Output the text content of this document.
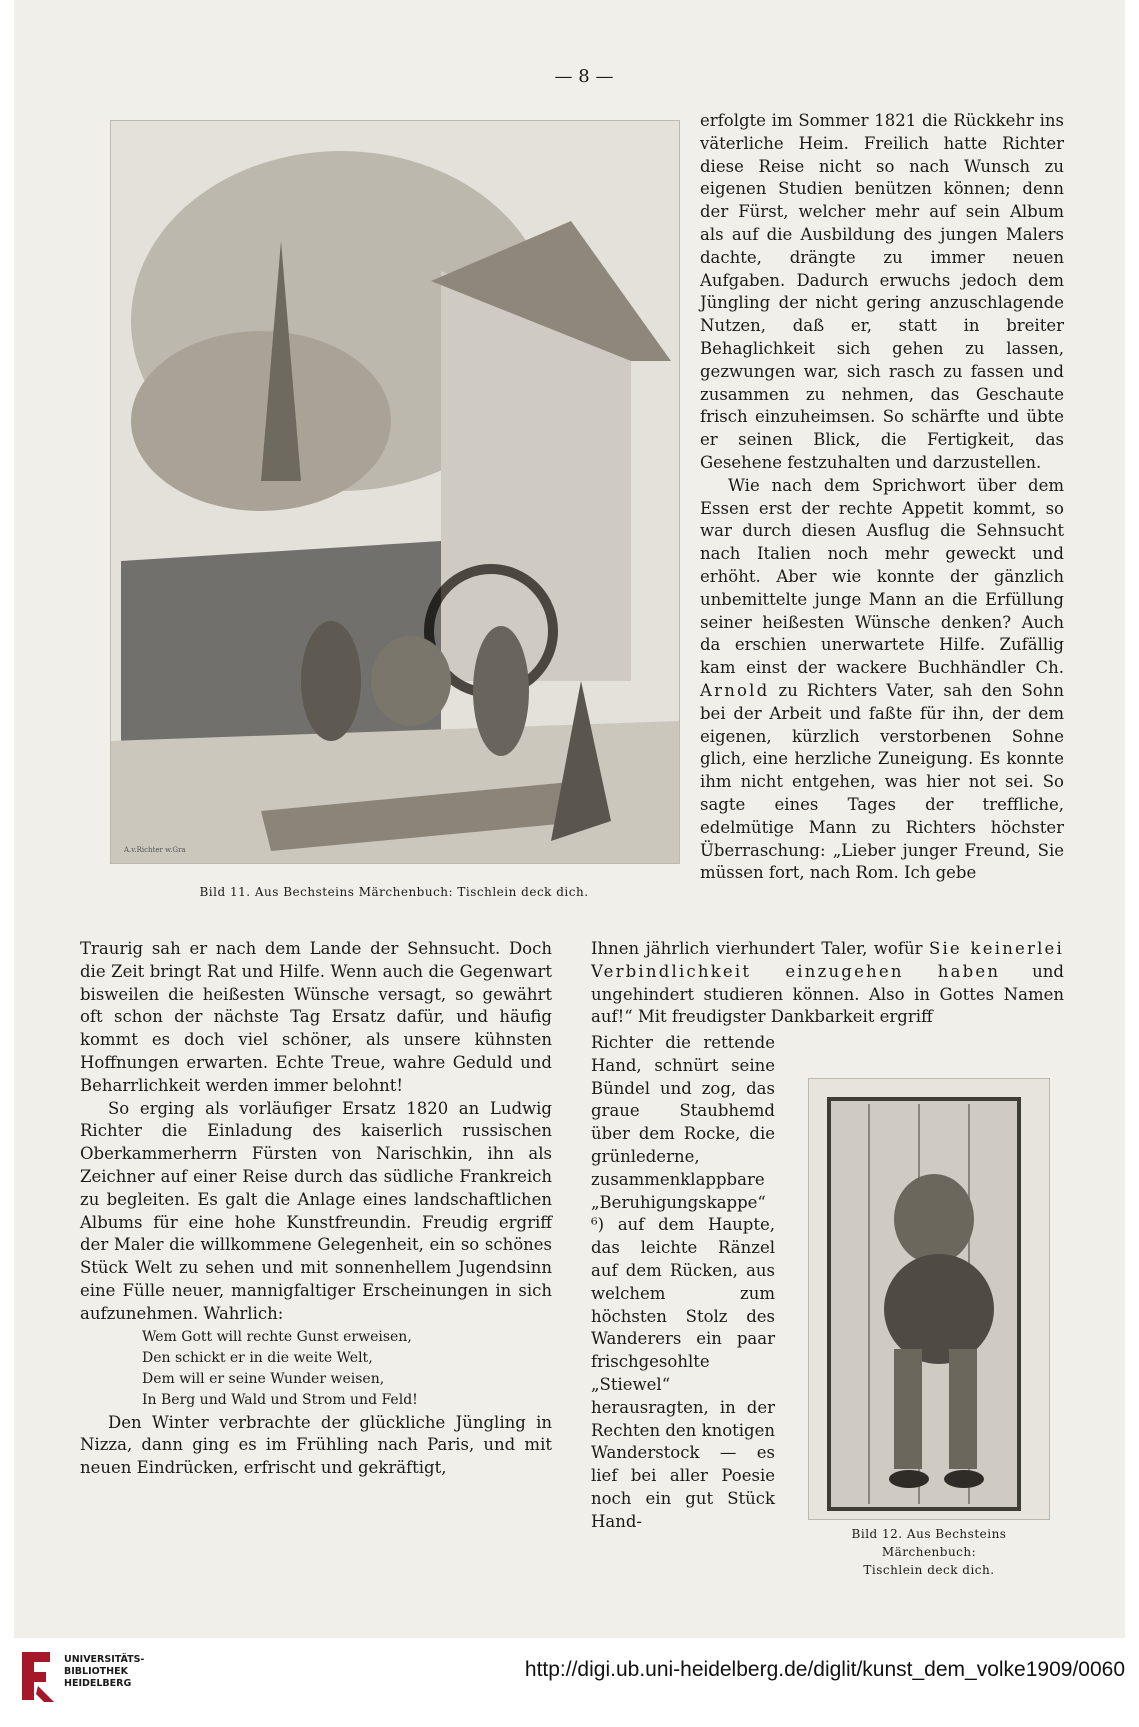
— 8 —
A.v.Richter w.Gra
Bild 11. Aus Bechsteins Märchenbuch: Tischlein deck dich.

erfolgte im Sommer 1821 die Rückkehr ins väterliche Heim. Freilich hatte Richter diese Reise nicht so nach Wunsch zu eigenen Studien benützen können; denn der Fürst, welcher mehr auf sein Album als auf die Ausbildung des jungen Malers dachte, drängte zu immer neuen Aufgaben. Dadurch erwuchs jedoch dem Jüngling der nicht gering anzuschlagende Nutzen, daß er, statt in breiter Behaglichkeit sich gehen zu lassen, gezwungen war, sich rasch zu fassen und zusammen zu nehmen, das Geschaute frisch einzuheimsen. So schärfte und übte er seinen Blick, die Fertigkeit, das Gesehene festzuhalten und darzustellen.

Wie nach dem Sprichwort über dem Essen erst der rechte Appetit kommt, so war durch diesen Ausflug die Sehnsucht nach Italien noch mehr geweckt und erhöht. Aber wie konnte der gänzlich unbemittelte junge Mann an die Erfüllung seiner heißesten Wünsche denken? Auch da erschien unerwartete Hilfe. Zufällig kam einst der wackere Buchhändler Ch. Arnold zu Richters Vater, sah den Sohn bei der Arbeit und faßte für ihn, der dem eigenen, kürzlich verstorbenen Sohne glich, eine herzliche Zuneigung. Es konnte ihm nicht entgehen, was hier not sei. So sagte eines Tages der treffliche, edelmütige Mann zu Richters höchster Überraschung: „Lieber junger Freund, Sie müssen fort, nach Rom. Ich gebe

Traurig sah er nach dem Lande der Sehnsucht. Doch die Zeit bringt Rat und Hilfe. Wenn auch die Gegenwart bisweilen die heißesten Wünsche versagt, so gewährt oft schon der nächste Tag Ersatz dafür, und häufig kommt es doch viel schöner, als unsere kühnsten Hoffnungen erwarten. Echte Treue, wahre Geduld und Beharrlichkeit werden immer belohnt!

So erging als vorläufiger Ersatz 1820 an Ludwig Richter die Einladung des kaiserlich russischen Oberkammerherrn Fürsten von Narischkin, ihn als Zeichner auf einer Reise durch das südliche Frankreich zu begleiten. Es galt die Anlage eines landschaftlichen Albums für eine hohe Kunstfreundin. Freudig ergriff der Maler die willkommene Gelegenheit, ein so schönes Stück Welt zu sehen und mit sonnenhellem Jugendsinn eine Fülle neuer, mannigfaltiger Erscheinungen in sich aufzunehmen. Wahrlich:

Wem Gott will rechte Gunst erweisen,

Den schickt er in die weite Welt,

Dem will er seine Wunder weisen,

In Berg und Wald und Strom und Feld!

Den Winter verbrachte der glückliche Jüngling in Nizza, dann ging es im Frühling nach Paris, und mit neuen Eindrücken, erfrischt und gekräftigt,

Ihnen jährlich vierhundert Taler, wofür Sie keinerlei Verbindlichkeit einzugehen haben und ungehindert studieren können. Also in Gottes Namen auf!“ Mit freudigster Dankbarkeit ergriff

Richter die rettende Hand, schnürt seine Bündel und zog, das graue Staubhemd über dem Rocke, die grünlederne, zusammenklappbare „Beruhigungskappe“ ⁶) auf dem Haupte, das leichte Ränzel auf dem Rücken, aus welchem zum höchsten Stolz des Wanderers ein paar frischgesohlte „Stiewel“ herausragten, in der Rechten den knotigen Wanderstock — es lief bei aller Poesie noch ein gut Stück Hand-

Bild 12. Aus Bechsteins Märchenbuch:
Tischlein deck dich.
UNIVERSITÄTS-
BIBLIOTHEK
HEIDELBERG
http://digi.ub.uni-heidelberg.de/diglit/kunst_dem_volke1909/0060
